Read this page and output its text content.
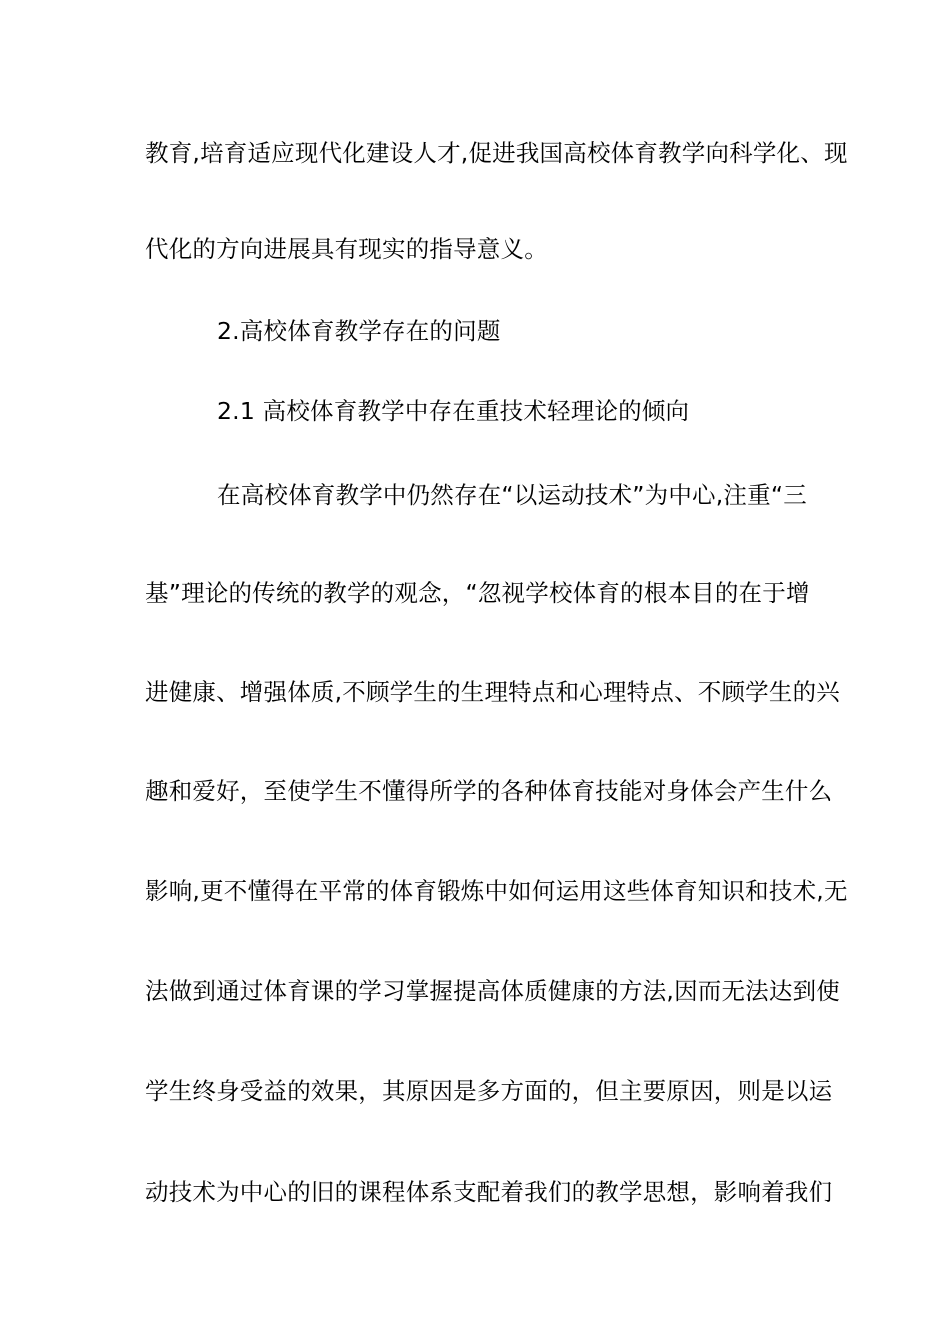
教育,培育适应现代化建设人才,促进我国高校体育教学向科学化、现
代化的方向进展具有现实的指导意义。
2.高校体育教学存在的问题
2.1 高校体育教学中存在重技术轻理论的倾向
在高校体育教学中仍然存在“以运动技术”为中心,注重“三
基”理论的传统的教学的观念，“忽视学校体育的根本目的在于增
进健康、增强体质,不顾学生的生理特点和心理特点、不顾学生的兴
趣和爱好，至使学生不懂得所学的各种体育技能对身体会产生什么
影响,更不懂得在平常的体育锻炼中如何运用这些体育知识和技术,无
法做到通过体育课的学习掌握提高体质健康的方法,因而无法达到使
学生终身受益的效果，其原因是多方面的，但主要原因，则是以运
动技术为中心的旧的课程体系支配着我们的教学思想，影响着我们
